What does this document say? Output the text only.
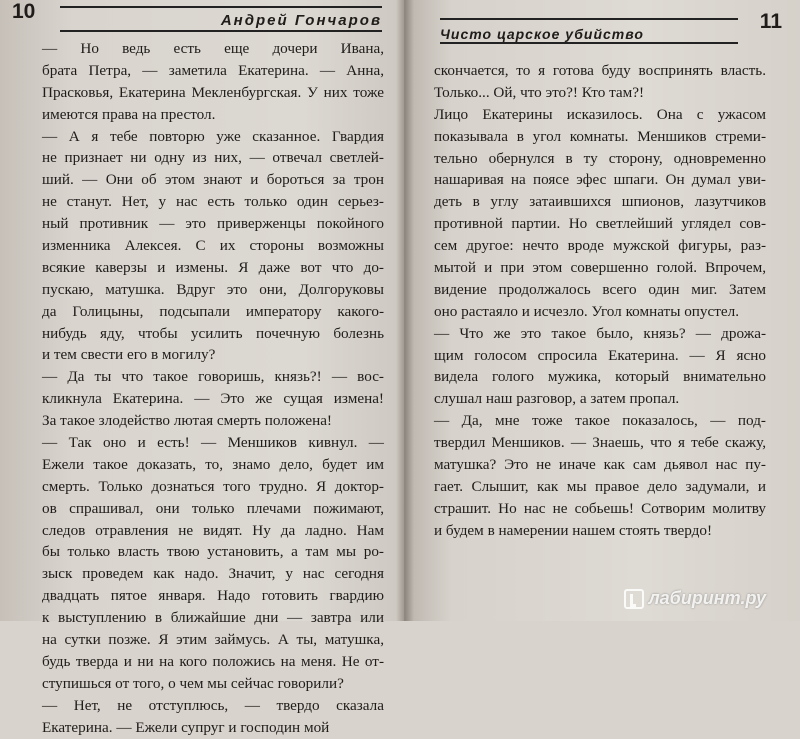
10	Андрей Гончаров
— Но ведь есть еще дочери Ивана,
брата Петра, — заметила Екатерина. — Анна,
Прасковья, Екатерина Мекленбургская. У них тоже
имеются права на престол.
— А я тебе повторю уже сказанное. Гвардия
не признает ни одну из них, — отвечал светлей-
ший. — Они об этом знают и бороться за трон
не станут. Нет, у нас есть только один серьез-
ный противник — это приверженцы покойного
изменника Алексея. С их стороны возможны
всякие каверзы и измены. Я даже вот что до-
пускаю, матушка. Вдруг это они, Долгоруковы
да Голицыны, подсыпали императору какого-
нибудь яду, чтобы усилить почечную болезнь
и тем свести его в могилу?
— Да ты что такое говоришь, князь?! — вос-
кликнула Екатерина. — Это же сущая измена!
За такое злодейство лютая смерть положена!
— Так оно и есть! — Меншиков кивнул. —
Ежели такое доказать, то, знамо дело, будет им
смерть. Только дознаться того трудно. Я доктор-
ов спрашивал, они только плечами пожимают,
следов отравления не видят. Ну да ладно. Нам
бы только власть твою установить, а там мы ро-
зыск проведем как надо. Значит, у нас сегодня
двадцать пятое января. Надо готовить гвардию
к выступлению в ближайшие дни — завтра или
на сутки позже. Я этим займусь. А ты, матушка,
будь тверда и ни на кого положись на меня. Не от-
ступишься от того, о чем мы сейчас говорили?
— Нет, не отступлюсь, — твердо сказала
Екатерина. — Ежели супруг и господин мой
Чисто царское убийство
11
скончается, то я готова буду воспринять власть.
Только... Ой, что это?! Кто там?!
Лицо Екатерины исказилось. Она с ужасом
показывала в угол комнаты. Меншиков стреми-
тельно обернулся в ту сторону, одновременно
нашаривая на поясе эфес шпаги. Он думал уви-
деть в углу затаившихся шпионов, лазутчиков
противной партии. Но светлейший углядел сов-
сем другое: нечто вроде мужской фигуры, раз-
мытой и при этом совершенно голой. Впрочем,
видение продолжалось всего один миг. Затем
оно растаяло и исчезло. Угол комнаты опустел.
— Что же это такое было, князь? — дрожа-
щим голосом спросила Екатерина. — Я ясно
видела голого мужика, который внимательно
слушал наш разговор, а затем пропал.
— Да, мне тоже такое показалось, — под-
твердил Меншиков. — Знаешь, что я тебе скажу,
матушка? Это не иначе как сам дьявол нас пу-
гает. Слышит, как мы правое дело задумали, и
страшит. Но нас не собьешь! Сотворим молитву
и будем в намерении нашем стоять твердо!
лабиринт.ру
